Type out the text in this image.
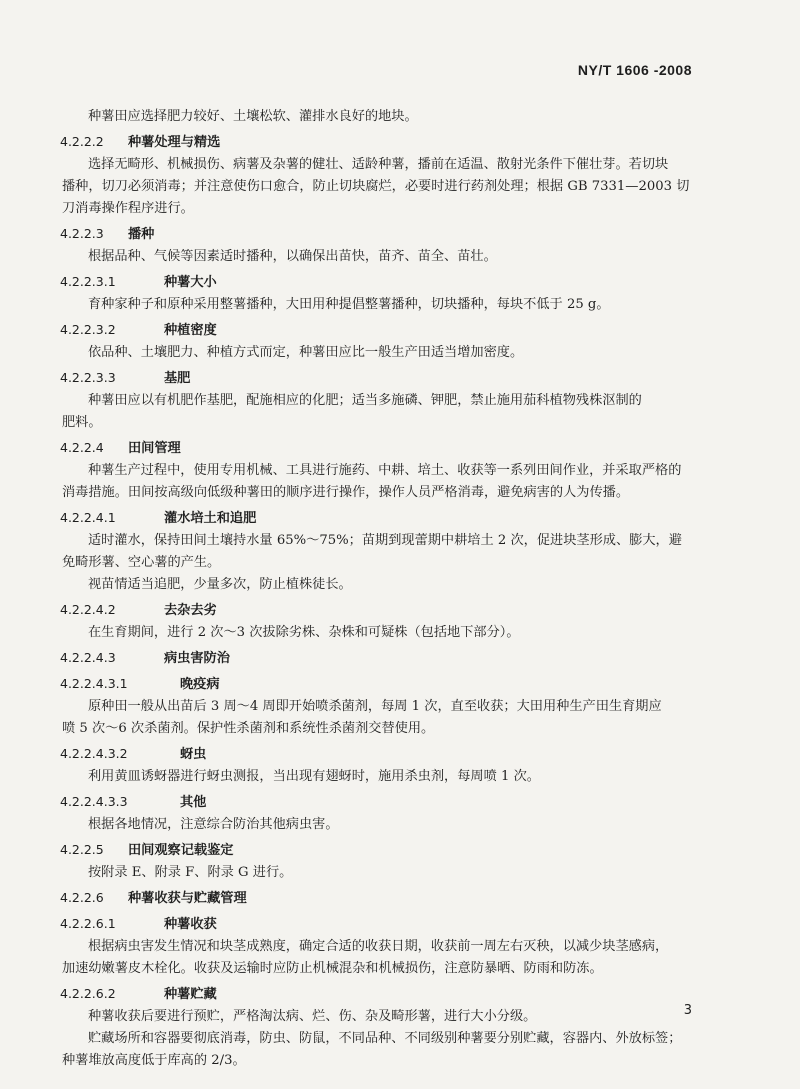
NY/T 1606 -2008
种薯田应选择肥力较好、土壤松软、灌排水良好的地块。
4.2.2.2 种薯处理与精选
选择无畸形、机械损伤、病薯及杂薯的健壮、适龄种薯，播前在适温、散射光条件下催壮芽。若切块
播种，切刀必须消毒；并注意使伤口愈合，防止切块腐烂，必要时进行药剂处理；根据 GB 7331—2003 切
刀消毒操作程序进行。
4.2.2.3 播种
根据品种、气候等因素适时播种，以确保出苗快，苗齐、苗全、苗壮。
4.2.2.3.1	种薯大小
育种家种子和原种采用整薯播种，大田用种提倡整薯播种，切块播种，每块不低于 25 g。
4.2.2.3.2	种植密度
依品种、土壤肥力、种植方式而定，种薯田应比一般生产田适当增加密度。
4.2.2.3.3	基肥
种薯田应以有机肥作基肥，配施相应的化肥；适当多施磷、钾肥，禁止施用茄科植物残株沤制的
肥料。
4.2.2.4 田间管理
种薯生产过程中，使用专用机械、工具进行施药、中耕、培土、收获等一系列田间作业，并采取严格的
消毒措施。田间按高级向低级种薯田的顺序进行操作，操作人员严格消毒，避免病害的人为传播。
4.2.2.4.1	灌水培土和追肥
适时灌水，保持田间土壤持水量 65%～75%；苗期到现蕾期中耕培土 2 次，促进块茎形成、膨大，避
免畸形薯、空心薯的产生。
视苗情适当追肥，少量多次，防止植株徒长。
4.2.2.4.2	去杂去劣
在生育期间，进行 2 次～3 次拔除劣株、杂株和可疑株（包括地下部分）。
4.2.2.4.3	病虫害防治
4.2.2.4.3.1	晚疫病
原种田一般从出苗后 3 周～4 周即开始喷杀菌剂，每周 1 次，直至收获；大田用种生产田生育期应
喷 5 次～6 次杀菌剂。保护性杀菌剂和系统性杀菌剂交替使用。
4.2.2.4.3.2	蚜虫
利用黄皿诱蚜器进行蚜虫测报，当出现有翅蚜时，施用杀虫剂，每周喷 1 次。
4.2.2.4.3.3	其他
根据各地情况，注意综合防治其他病虫害。
4.2.2.5 田间观察记载鉴定
按附录 E、附录 F、附录 G 进行。
4.2.2.6 种薯收获与贮藏管理
4.2.2.6.1	种薯收获
根据病虫害发生情况和块茎成熟度，确定合适的收获日期，收获前一周左右灭秧，以减少块茎感病，
加速幼嫩薯皮木栓化。收获及运输时应防止机械混杂和机械损伤，注意防暴晒、防雨和防冻。
4.2.2.6.2	种薯贮藏
种薯收获后要进行预贮，严格淘汰病、烂、伤、杂及畸形薯，进行大小分级。
贮藏场所和容器要彻底消毒，防虫、防鼠，不同品种、不同级别种薯要分别贮藏，容器内、外放标签；
种薯堆放高度低于库高的 2/3。
3
